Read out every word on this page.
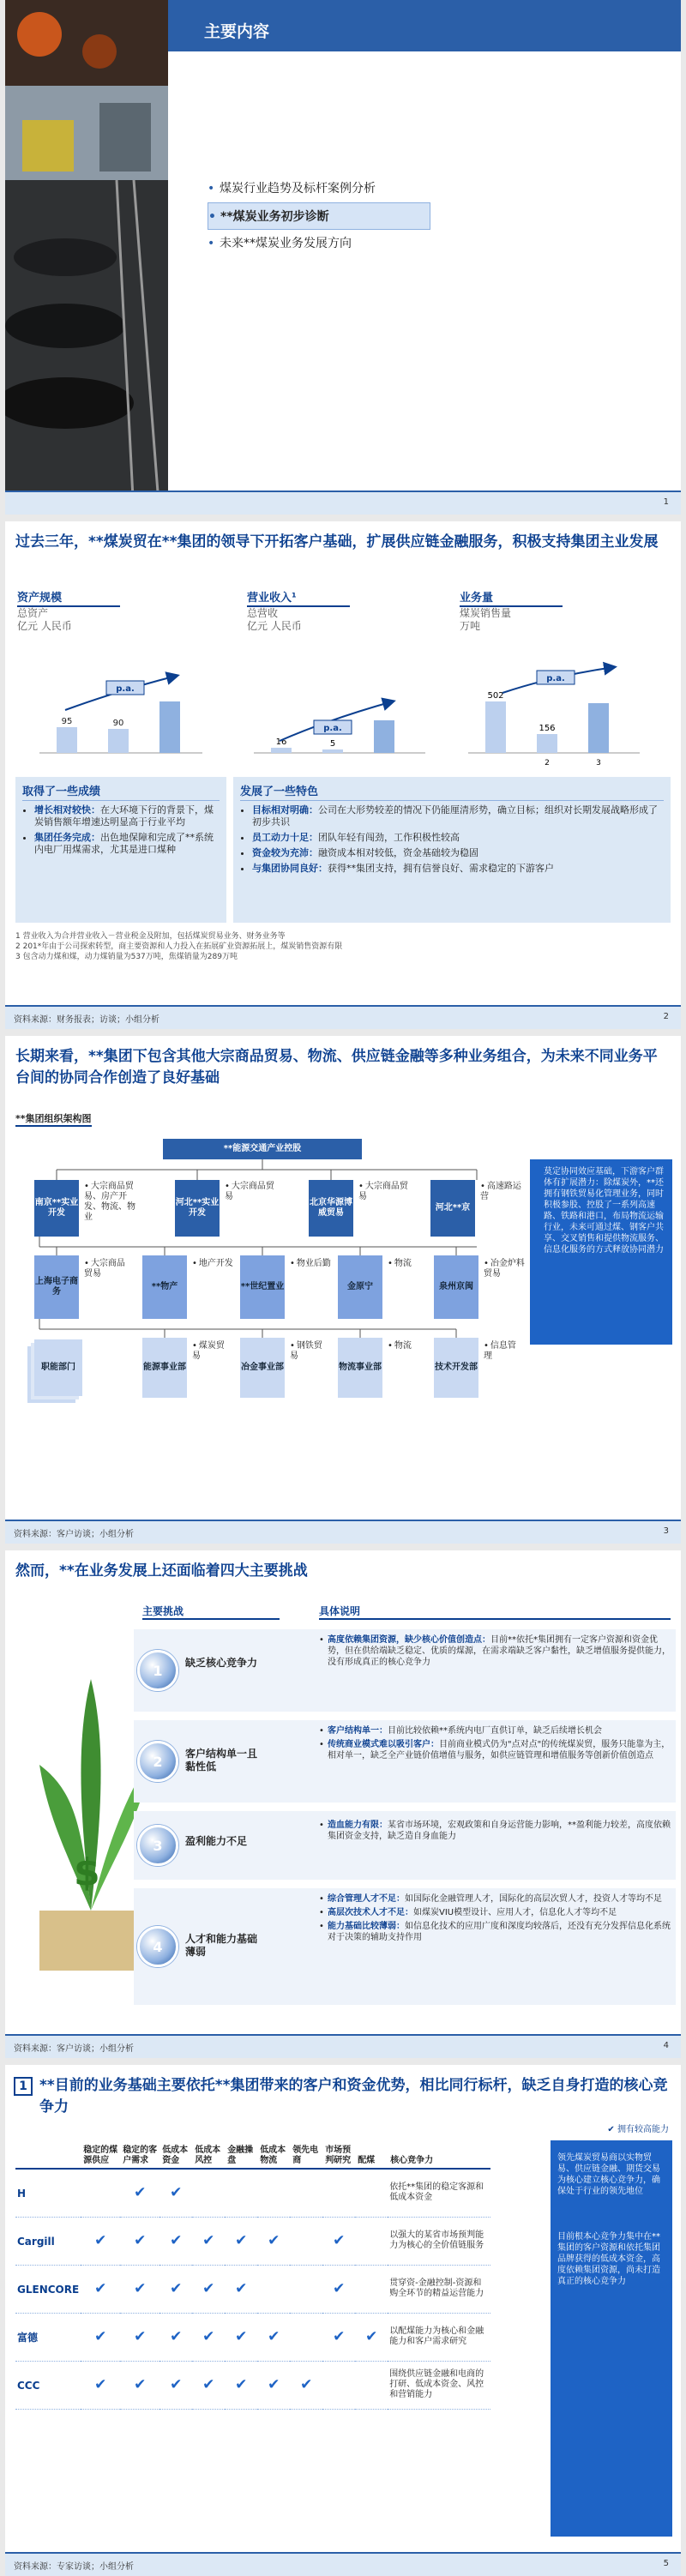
主要内容
• 煤炭行业趋势及标杆案例分析
• **煤炭业务初步诊断
• 未来**煤炭业务发展方向
1
过去三年，**煤炭贸在**集团的领导下开拓客户基础，扩展供应链金融服务，积极支持集团主业发展
资产规模
总资产
亿元 人民币
营业收入¹
总营收
亿元 人民币
业务量
煤炭销售量
万吨
95	90
p.a.
16	5
p.a.
502
156
2	3
p.a.
取得了一些成绩
• 增长相对较快：在大环境下行的背景下，煤炭销售额年增速达明显高于行业平均
• 集团任务完成：出色地保障和完成了**系统内电厂用煤需求，尤其是进口煤种
发展了一些特色
• 目标相对明确：公司在大形势较差的情况下仍能厘清形势，确立目标；组织对长期发展战略形成了初步共识
• 员工动力十足：团队年轻有闯劲，工作积极性较高
• 资金较为充沛：融资成本相对较低，资金基础较为稳固
• 与集团协同良好：获得**集团支持，拥有信誉良好、需求稳定的下游客户
1 营业收入为合并营业收入－营业税金及附加，包括煤炭贸易业务、财务业务等
2 201*年由于公司探索转型，商主要资源和人力投入在拓展矿业资源拓展上，煤炭销售资源有限
3 包含动力煤和煤，动力煤销量为537万吨，焦煤销量为289万吨
资料来源：财务报表；访谈；小组分析	2
长期来看，**集团下包含其他大宗商品贸易、物流、供应链金融等多种业务组合，为未来不同业务平台间的协同合作创造了良好基础
**集团组织架构图
**能源交通产业控股
南京**实业开发
• 大宗商品贸易、房产开发、物流、物业
河北**实业开发
• 大宗商品贸易
北京华源博威贸易
• 大宗商品贸易
河北**京
• 高速路运营
上海电子商务
• 大宗商品贸易
**物产
• 地产开发
**世纪置业
• 物业后勤
金原宁
• 物流
泉州京闽
• 冶金炉料贸易
职能部门	能源事业部
• 煤炭贸易
冶金事业部
• 钢铁贸易
物流事业部
• 物流
技术开发部
• 信息管理
莫定协同效应基础，下游客户群体有扩展潜力：除煤炭外，**还拥有钢铁贸易化管理业务，同时积极参股、控股了一系列高速路、铁路和港口，布局物流运输行业，未来可通过煤、钢客户共享、交叉销售和提供物流服务、信息化服务的方式释放协同潜力
资料来源：客户访谈；小组分析	3
然而，**在业务发展上还面临着四大主要挑战
主要挑战	具体说明
$
1	缺乏核心竞争力

• 高度依赖集团资源，缺少核心价值创造点：目前**依托*集团拥有一定客户资源和资金优势，但在供给端缺乏稳定、优质的煤源，在需求端缺乏客户黏性，缺乏增值服务提供能力，没有形成真正的核心竞争力

2	客户结构单一且黏性低

• 客户结构单一：目前比较依赖**系统内电厂直供订单，缺乏后续增长机会

• 传统商业模式难以吸引客户：目前商业模式仍为"点对点"的传统煤炭贸，服务只能靠为主，相对单一，缺乏全产业链价值增值与服务，如供应链管理和增值服务等创新价值创造点

3	盈利能力不足

• 造血能力有限：某省市场环境，宏观政策和自身运营能力影响，**盈利能力较差，高度依赖集团资金支持，缺乏造自身血能力

4	人才和能力基础薄弱

• 综合管理人才不足：如国际化金融管理人才，国际化的高层次贸人才，投资人才等均不足

• 高层次技术人才不足：如煤炭VIU模型设计、应用人才，信息化人才等均不足

• 能力基础比较薄弱：如信息化技术的应用广度和深度均较落后，还没有充分发挥信息化系统对于决策的辅助支持作用

资料来源：客户访谈；小组分析	4
1 **目前的业务基础主要依托**集团带来的客户和资金优势，相比同行标杆，缺乏自身打造的核心竞争力
✔ 拥有较高能力
	稳定的煤源供应	稳定的客户需求	低成本资金	低成本风控	金融操盘	低成本物流	领先电商	市场预判研究	配煤	核心竞争力
H		✔	✔							依托**集团的稳定客源和低成本资金
Cargill	✔	✔	✔	✔	✔	✔		✔		以强大的某省市场预判能力为核心的全价值链服务
GLENCORE	✔	✔	✔	✔	✔			✔		贯穿资-金融控制-资源和购全环节的精益运营能力
富德	✔	✔	✔	✔	✔	✔		✔	✔	以配煤能力为核心和金融能力和客户需求研究
CCC	✔	✔	✔	✔	✔	✔	✔			围绕供应链金融和电商的打研、低成本资金、风控和营销能力
领先煤炭贸易商以实物贸易、供应链金融、期货交易为核心建立核心竞争力，确保处于行业的领先地位
目前根本心竞争力集中在**集团的客户资源和依托集团品牌获得的低成本资金，高度依赖集团资源，尚未打造真正的核心竞争力
资料来源：专家访谈；小组分析	5
